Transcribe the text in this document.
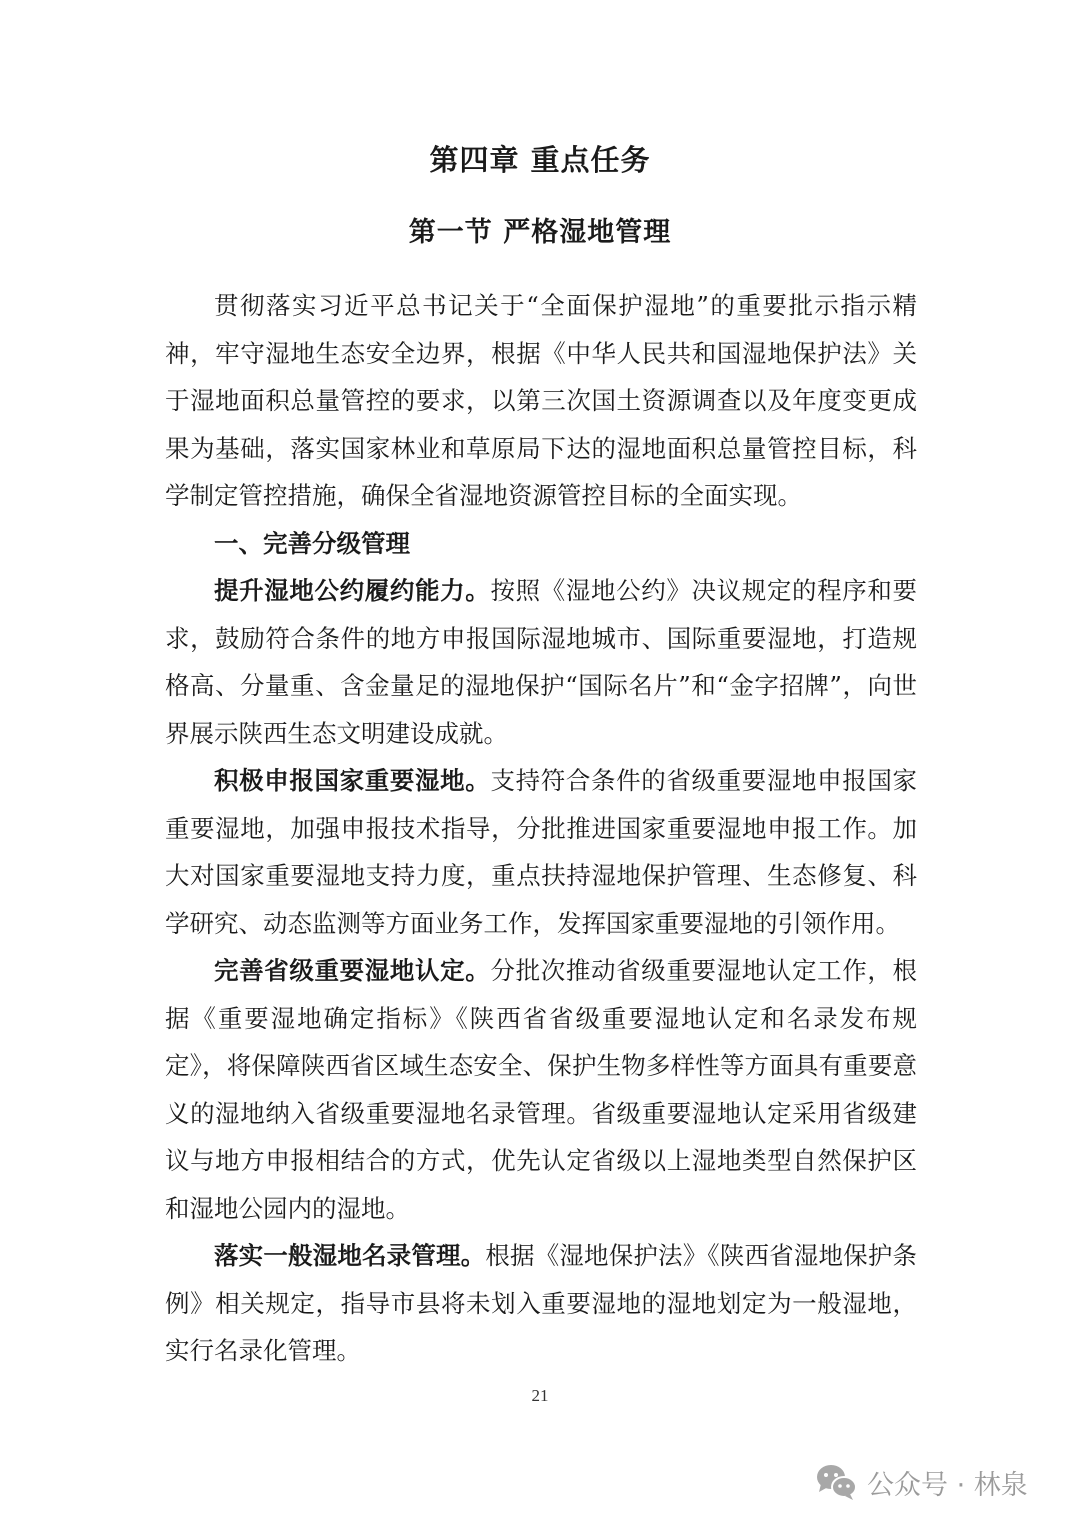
第四章 重点任务
第一节 严格湿地管理

贯彻落实习近平总书记关于“全面保护湿地”的重要批示指示精神，牢守湿地生态安全边界，根据《中华人民共和国湿地保护法》关于湿地面积总量管控的要求，以第三次国土资源调查以及年度变更成果为基础，落实国家林业和草原局下达的湿地面积总量管控目标，科学制定管控措施，确保全省湿地资源管控目标的全面实现。

一、完善分级管理

提升湿地公约履约能力。按照《湿地公约》决议规定的程序和要求，鼓励符合条件的地方申报国际湿地城市、国际重要湿地，打造规格高、分量重、含金量足的湿地保护“国际名片”和“金字招牌”，向世界展示陕西生态文明建设成就。

积极申报国家重要湿地。支持符合条件的省级重要湿地申报国家重要湿地，加强申报技术指导，分批推进国家重要湿地申报工作。加大对国家重要湿地支持力度，重点扶持湿地保护管理、生态修复、科学研究、动态监测等方面业务工作，发挥国家重要湿地的引领作用。

完善省级重要湿地认定。分批次推动省级重要湿地认定工作，根据《重要湿地确定指标》《陕西省省级重要湿地认定和名录发布规定》，将保障陕西省区域生态安全、保护生物多样性等方面具有重要意义的湿地纳入省级重要湿地名录管理。省级重要湿地认定采用省级建议与地方申报相结合的方式，优先认定省级以上湿地类型自然保护区和湿地公园内的湿地。

落实一般湿地名录管理。根据《湿地保护法》《陕西省湿地保护条例》相关规定，指导市县将未划入重要湿地的湿地划定为一般湿地，实行名录化管理。

21
公众号 · 林泉
